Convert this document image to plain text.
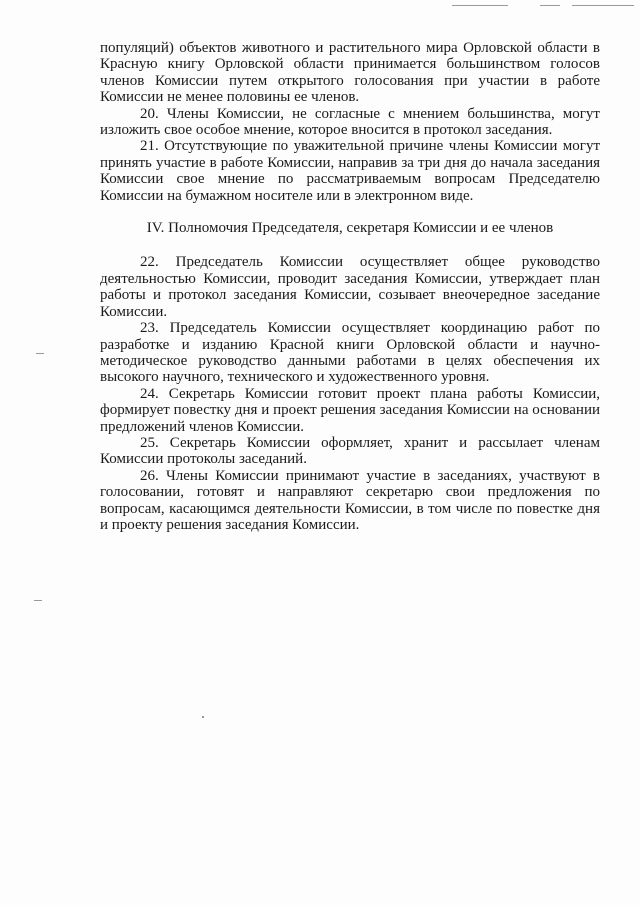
популяций) объектов животного и растительного мира Орловской области в Красную книгу Орловской области принимается большинством голосов членов Комиссии путем открытого голосования при участии в работе Комиссии не менее половины ее членов.

20. Члены Комиссии, не согласные с мнением большинства, могут изложить свое особое мнение, которое вносится в протокол заседания.

21. Отсутствующие по уважительной причине члены Комиссии могут принять участие в работе Комиссии, направив за три дня до начала заседания Комиссии свое мнение по рассматриваемым вопросам Председателю Комиссии на бумажном носителе или в электронном виде.

IV. Полномочия Председателя, секретаря Комиссии и ее членов

22. Председатель Комиссии осуществляет общее руководство деятельностью Комиссии, проводит заседания Комиссии, утверждает план работы и протокол заседания Комиссии, созывает внеочередное заседание Комиссии.

23. Председатель Комиссии осуществляет координацию работ по разработке и изданию Красной книги Орловской области и научно-методическое руководство данными работами в целях обеспечения их высокого научного, технического и художественного уровня.

24. Секретарь Комиссии готовит проект плана работы Комиссии, формирует повестку дня и проект решения заседания Комиссии на основании предложений членов Комиссии.

25. Секретарь Комиссии оформляет, хранит и рассылает членам Комиссии протоколы заседаний.

26. Члены Комиссии принимают участие в заседаниях, участвуют в голосовании, готовят и направляют секретарю свои предложения по вопросам, касающимся деятельности Комиссии, в том числе по повестке дня и проекту решения заседания Комиссии.
